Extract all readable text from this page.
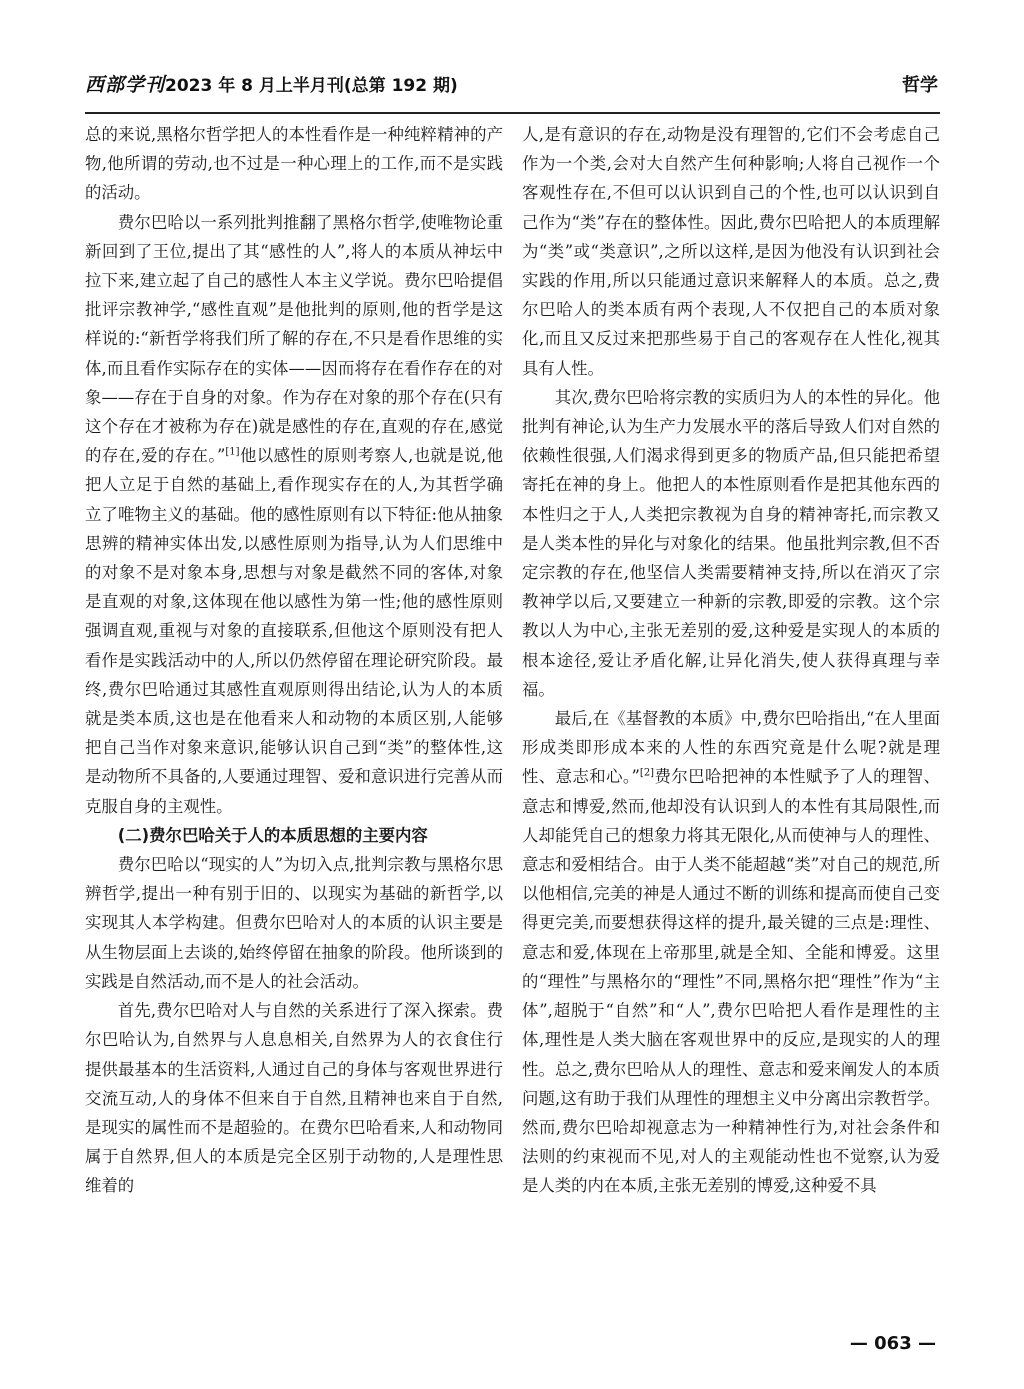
西部学刊 2023 年 8 月上半月刊(总第 192 期)	哲学

总的来说,黑格尔哲学把人的本性看作是一种纯粹精神的产物,他所谓的劳动,也不过是一种心理上的工作,而不是实践的活动。

费尔巴哈以一系列批判推翻了黑格尔哲学,使唯物论重新回到了王位,提出了其“感性的人”,将人的本质从神坛中拉下来,建立起了自己的感性人本主义学说。费尔巴哈提倡批评宗教神学,“感性直观”是他批判的原则,他的哲学是这样说的:“新哲学将我们所了解的存在,不只是看作思维的实体,而且看作实际存在的实体——因而将存在看作存在的对象——存在于自身的对象。作为存在对象的那个存在(只有这个存在才被称为存在)就是感性的存在,直观的存在,感觉的存在,爱的存在。”[1]他以感性的原则考察人,也就是说,他把人立足于自然的基础上,看作现实存在的人,为其哲学确立了唯物主义的基础。他的感性原则有以下特征:他从抽象思辨的精神实体出发,以感性原则为指导,认为人们思维中的对象不是对象本身,思想与对象是截然不同的客体,对象是直观的对象,这体现在他以感性为第一性;他的感性原则强调直观,重视与对象的直接联系,但他这个原则没有把人看作是实践活动中的人,所以仍然停留在理论研究阶段。最终,费尔巴哈通过其感性直观原则得出结论,认为人的本质就是类本质,这也是在他看来人和动物的本质区别,人能够把自己当作对象来意识,能够认识自己到“类”的整体性,这是动物所不具备的,人要通过理智、爱和意识进行完善从而克服自身的主观性。

(二)费尔巴哈关于人的本质思想的主要内容

费尔巴哈以“现实的人”为切入点,批判宗教与黑格尔思辨哲学,提出一种有别于旧的、以现实为基础的新哲学,以实现其人本学构建。但费尔巴哈对人的本质的认识主要是从生物层面上去谈的,始终停留在抽象的阶段。他所谈到的实践是自然活动,而不是人的社会活动。

首先,费尔巴哈对人与自然的关系进行了深入探索。费尔巴哈认为,自然界与人息息相关,自然界为人的衣食住行提供最基本的生活资料,人通过自己的身体与客观世界进行交流互动,人的身体不但来自于自然,且精神也来自于自然,是现实的属性而不是超验的。在费尔巴哈看来,人和动物同属于自然界,但人的本质是完全区别于动物的,人是理性思维着的

人,是有意识的存在,动物是没有理智的,它们不会考虑自己作为一个类,会对大自然产生何种影响;人将自己视作一个客观性存在,不但可以认识到自己的个性,也可以认识到自己作为“类”存在的整体性。因此,费尔巴哈把人的本质理解为“类”或“类意识”,之所以这样,是因为他没有认识到社会实践的作用,所以只能通过意识来解释人的本质。总之,费尔巴哈人的类本质有两个表现,人不仅把自己的本质对象化,而且又反过来把那些易于自己的客观存在人性化,视其具有人性。

其次,费尔巴哈将宗教的实质归为人的本性的异化。他批判有神论,认为生产力发展水平的落后导致人们对自然的依赖性很强,人们渴求得到更多的物质产品,但只能把希望寄托在神的身上。他把人的本性原则看作是把其他东西的本性归之于人,人类把宗教视为自身的精神寄托,而宗教又是人类本性的异化与对象化的结果。他虽批判宗教,但不否定宗教的存在,他坚信人类需要精神支持,所以在消灭了宗教神学以后,又要建立一种新的宗教,即爱的宗教。这个宗教以人为中心,主张无差别的爱,这种爱是实现人的本质的根本途径,爱让矛盾化解,让异化消失,使人获得真理与幸福。

最后,在《基督教的本质》中,费尔巴哈指出,“在人里面形成类即形成本来的人性的东西究竟是什么呢?就是理性、意志和心。”[2]费尔巴哈把神的本性赋予了人的理智、意志和博爱,然而,他却没有认识到人的本性有其局限性,而人却能凭自己的想象力将其无限化,从而使神与人的理性、意志和爱相结合。由于人类不能超越“类”对自己的规范,所以他相信,完美的神是人通过不断的训练和提高而使自己变得更完美,而要想获得这样的提升,最关键的三点是:理性、意志和爱,体现在上帝那里,就是全知、全能和博爱。这里的“理性”与黑格尔的“理性”不同,黑格尔把“理性”作为“主体”,超脱于“自然”和“人”,费尔巴哈把人看作是理性的主体,理性是人类大脑在客观世界中的反应,是现实的人的理性。总之,费尔巴哈从人的理性、意志和爱来阐发人的本质问题,这有助于我们从理性的理想主义中分离出宗教哲学。然而,费尔巴哈却视意志为一种精神性行为,对社会条件和法则的约束视而不见,对人的主观能动性也不觉察,认为爱是人类的内在本质,主张无差别的博爱,这种爱不具

— 063 —
